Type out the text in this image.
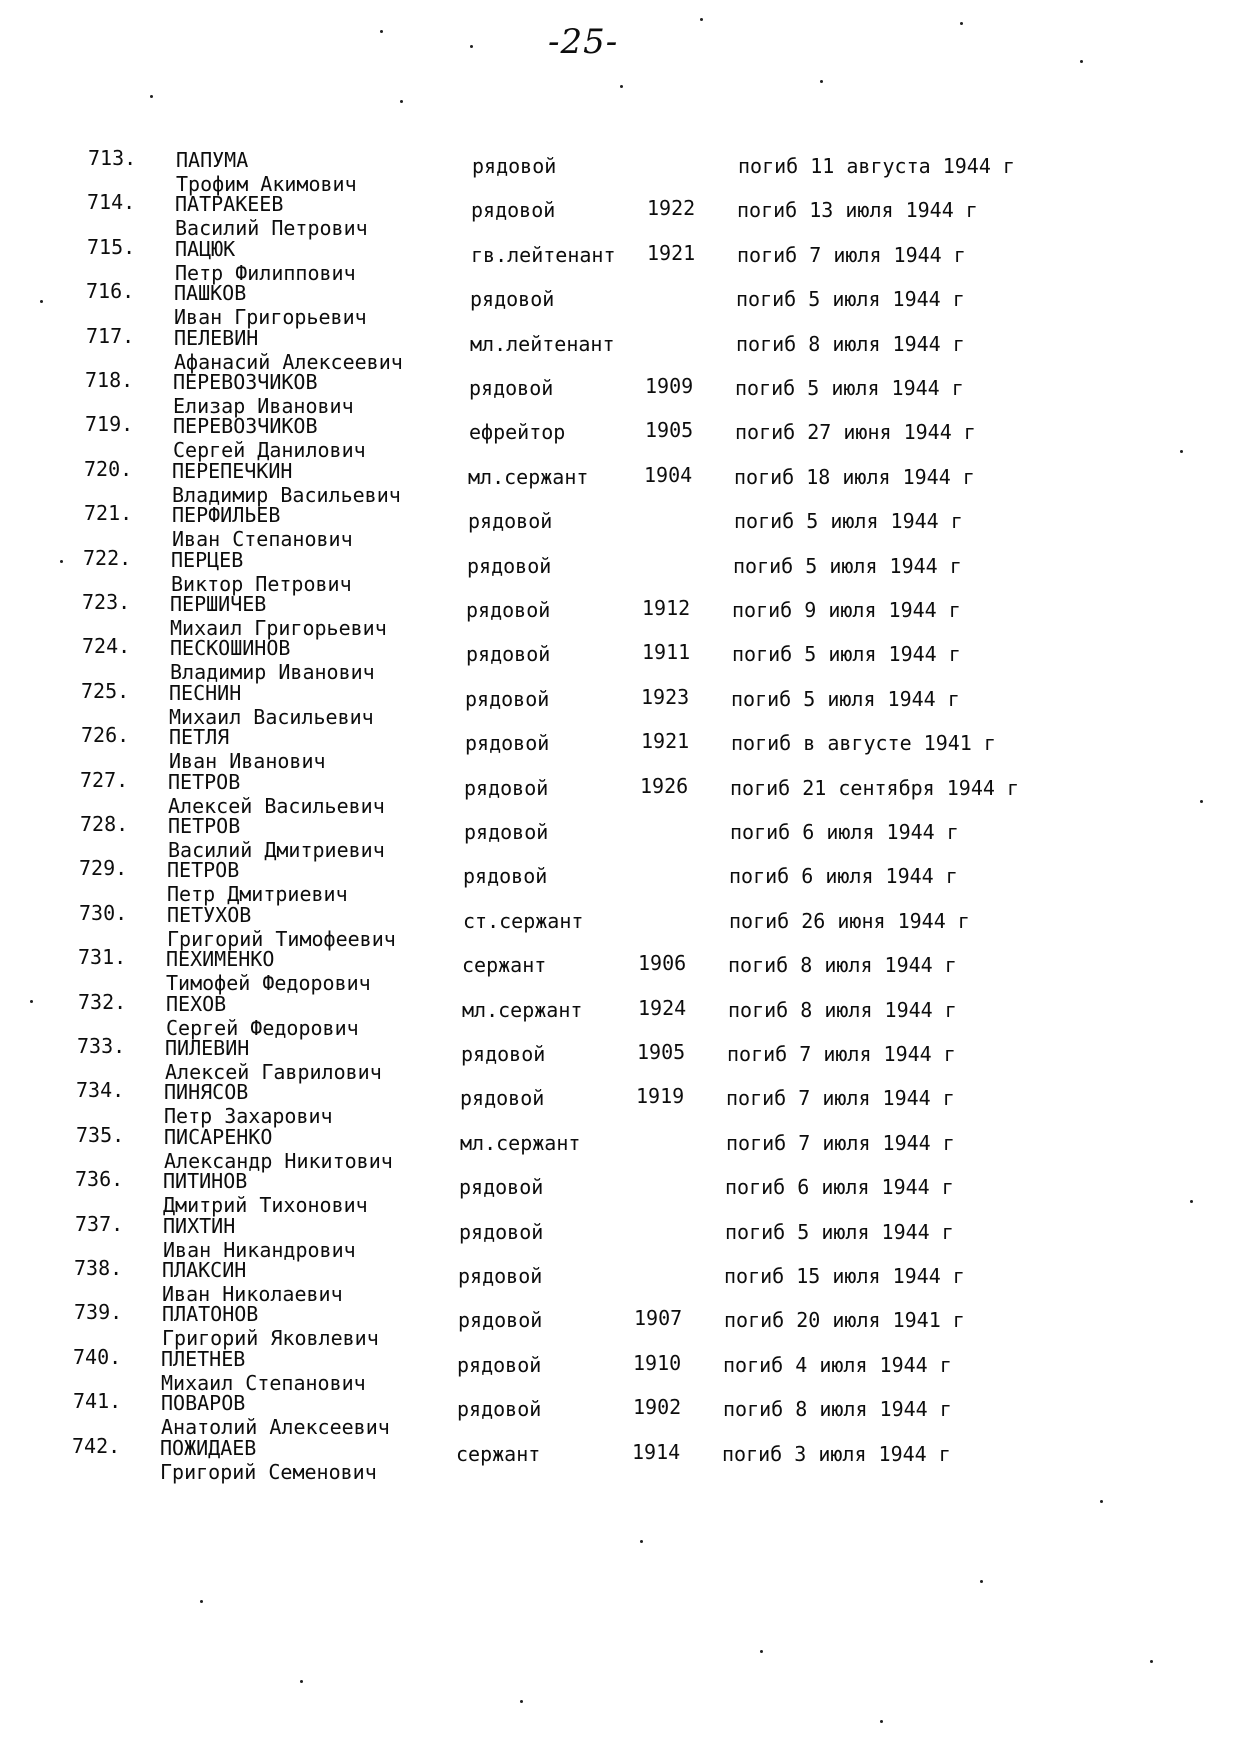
-25-
713. ПАПУМА
Трофим Акимович
рядовой	погиб 11 августа 1944 г
714. ПАТРАКЕЕВ
Василий Петрович
рядовой	1922 погиб 13 июля 1944 г
715. ПАЦЮК
Петр Филиппович
гв.лейтенант 1921 погиб 7 июля 1944 г
716. ПАШКОВ
Иван Григорьевич
рядовой	погиб 5 июля 1944 г
717. ПЕЛЕВИН
Афанасий Алексеевич
мл.лейтенант	погиб 8 июля 1944 г
718. ПЕРЕВОЗЧИКОВ
Елизар Иванович
рядовой	1909 погиб 5 июля 1944 г
719. ПЕРЕВОЗЧИКОВ
Сергей Данилович
ефрейтор	1905 погиб 27 июня 1944 г
720. ПЕРЕПЕЧКИН
Владимир Васильевич
мл.сержант	1904 погиб 18 июля 1944 г
721. ПЕРФИЛЬЕВ
Иван Степанович
рядовой	погиб 5 июля 1944 г
722. ПЕРЦЕВ
Виктор Петрович
рядовой	погиб 5 июля 1944 г
723. ПЕРШИЧЕВ
Михаил Григорьевич
рядовой	1912 погиб 9 июля 1944 г
724. ПЕСКОШИНОВ
Владимир Иванович
рядовой	1911 погиб 5 июля 1944 г
725. ПЕСНИН
Михаил Васильевич
рядовой	1923 погиб 5 июля 1944 г
726. ПЕТЛЯ
Иван Иванович
рядовой	1921 погиб в августе 1941 г
727. ПЕТРОВ
Алексей Васильевич
рядовой	1926 погиб 21 сентября 1944 г
728. ПЕТРОВ
Василий Дмитриевич
рядовой	погиб 6 июля 1944 г
729. ПЕТРОВ
Петр Дмитриевич
рядовой	погиб 6 июля 1944 г
730. ПЕТУХОВ
Григорий Тимофеевич
ст.сержант	погиб 26 июня 1944 г
731. ПЕХИМЕНКО
Тимофей Федорович
сержант	1906 погиб 8 июля 1944 г
732. ПЕХОВ
Сергей Федорович
мл.сержант	1924 погиб 8 июля 1944 г
733. ПИЛЕВИН
Алексей Гаврилович
рядовой	1905 погиб 7 июля 1944 г
734. ПИНЯСОВ
Петр Захарович
рядовой	1919 погиб 7 июля 1944 г
735. ПИСАРЕНКО
Александр Никитович
мл.сержант	погиб 7 июля 1944 г
736. ПИТИНОВ
Дмитрий Тихонович
рядовой	погиб 6 июля 1944 г
737. ПИХТИН
Иван Никандрович
рядовой	погиб 5 июля 1944 г
738. ПЛАКСИН
Иван Николаевич
рядовой	погиб 15 июля 1944 г
739. ПЛАТОНОВ
Григорий Яковлевич
рядовой	1907 погиб 20 июля 1941 г
740. ПЛЕТНЕВ
Михаил Степанович
рядовой	1910 погиб 4 июля 1944 г
741. ПОВАРОВ
Анатолий Алексеевич
рядовой	1902 погиб 8 июля 1944 г
742. ПОЖИДАЕВ
Григорий Семенович
сержант	1914 погиб 3 июля 1944 г
